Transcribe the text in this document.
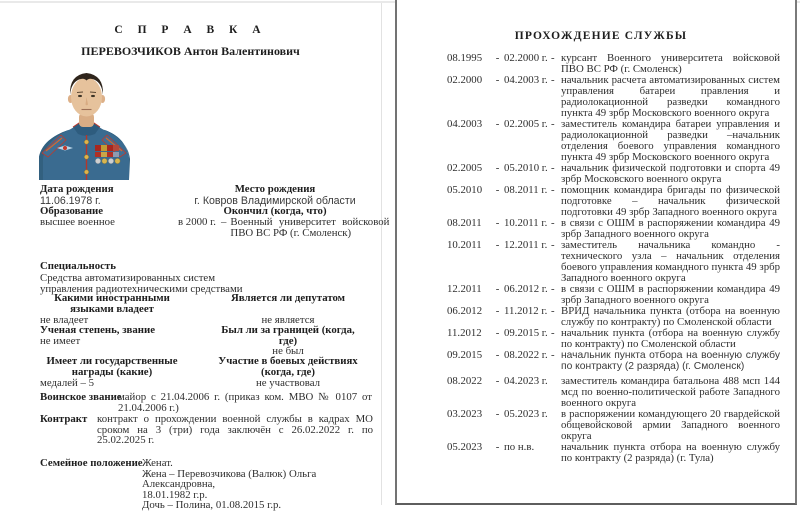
С П Р А В К А
ПЕРЕВОЗЧИКОВ Антон Валентинович
Дата рождения
11.06.1978 г.
Место рождения
г. Ковров Владимирской области
Образование
высшее военное
Окончил (когда, что)
в 2000 г. – Военный университет войсковой ПВО ВС РФ (г. Смоленск)
Специальность
Средства автоматизированных систем управления радиотехническими средствами
Какими иностранными языками владеет
не владеет
Является ли депутатом
не является
Ученая степень, звание
не имеет
Был ли за границей (когда, где)
не был
Имеет ли государственные награды (какие)
медалей – 5
Участие в боевых действиях (когда, где)
не участвовал
Воинское звание
майор с 21.04.2006 г. (приказ ком. МВО № 0107 от 21.04.2006 г.)
Контракт контракт о прохождении военной службы в кадрах МО сроком на 3 (три) года заключён с 26.02.2022 г. по 25.02.2025 г.
Семейное положение Женат.
Жена – Перевозчикова (Валюк) Ольга Александровна,
18.01.1982 г.р.
Дочь – Полина, 01.08.2015 г.р.
ПРОХОЖДЕНИЕ СЛУЖБЫ
08.1995	- 02.2000 г. - курсант Военного университета войсковой ПВО ВС РФ (г. Смоленск)
02.2000	- 04.2003 г. - начальник расчета автоматизированных систем управления батареи правления и радиолокационной разведки командного пункта 49 зрбр Московского военного округа
04.2003	- 02.2005 г. - заместитель командира батареи управления и радиолокационной разведки –начальник отделения боевого управления командного пункта 49 зрбр Московского военного округа
02.2005	- 05.2010 г. - начальник физической подготовки и спорта 49 зрбр Московского военного округа
05.2010	- 08.2011 г. - помощник командира бригады по физической подготовке – начальник физической подготовки 49 зрбр Западного военного округа
08.2011	- 10.2011 г. - в связи с ОШМ в распоряжении командира 49 зрбр Западного военного округа
10.2011	- 12.2011 г. - заместитель начальника командно - технического узла – начальник отделения боевого управления командного пункта 49 зрбр Западного военного округа
12.2011	- 06.2012 г. - в связи с ОШМ в распоряжении командира 49 зрбр Западного военного округа
06.2012	- 11.2012 г. - ВРИД начальника пункта (отбора на военную службу по контракту) по Смоленской области
11.2012	- 09.2015 г. - начальник пункта (отбора на военную службу по контракту) по Смоленской области
09.2015	- 08.2022 г. - начальник пункта отбора на военную службу по контракту (2 разряда) (г. Смоленск)
08.2022	- 04.2023 г.	заместитель командира батальона 488 мсп 144 мсд по военно-политической работе Западного военного округа
03.2023	- 05.2023 г.	в распоряжении командующего 20 гвардейской общевойсковой армии Западного военного округа
05.2023	- по н.в.	начальник пункта отбора на военную службу по контракту (2 разряда) (г. Тула)
